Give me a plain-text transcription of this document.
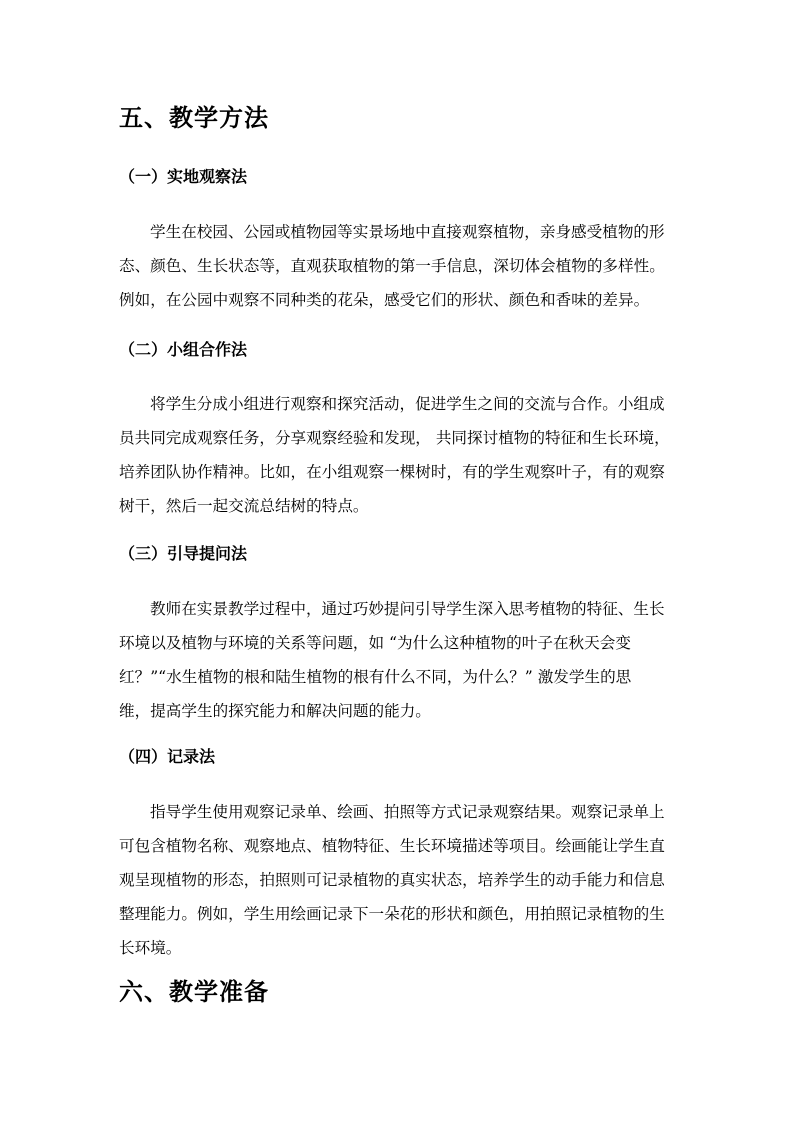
五、教学方法
（一）实地观察法
学生在校园、公园或植物园等实景场地中直接观察植物，亲身感受植物的形
态、颜色、生长状态等，直观获取植物的第一手信息，深切体会植物的多样性。
例如，在公园中观察不同种类的花朵，感受它们的形状、颜色和香味的差异。
（二）小组合作法
将学生分成小组进行观察和探究活动，促进学生之间的交流与合作。小组成
员共同完成观察任务，分享观察经验和发现， 共同探讨植物的特征和生长环境，
培养团队协作精神。比如，在小组观察一棵树时，有的学生观察叶子，有的观察
树干，然后一起交流总结树的特点。
（三）引导提问法
教师在实景教学过程中，通过巧妙提问引导学生深入思考植物的特征、生长
环境以及植物与环境的关系等问题，如 “为什么这种植物的叶子在秋天会变
红？”“水生植物的根和陆生植物的根有什么不同，为什么？” 激发学生的思
维，提高学生的探究能力和解决问题的能力。
（四）记录法
指导学生使用观察记录单、绘画、拍照等方式记录观察结果。观察记录单上
可包含植物名称、观察地点、植物特征、生长环境描述等项目。绘画能让学生直
观呈现植物的形态，拍照则可记录植物的真实状态，培养学生的动手能力和信息
整理能力。例如，学生用绘画记录下一朵花的形状和颜色，用拍照记录植物的生
长环境。
六、教学准备
